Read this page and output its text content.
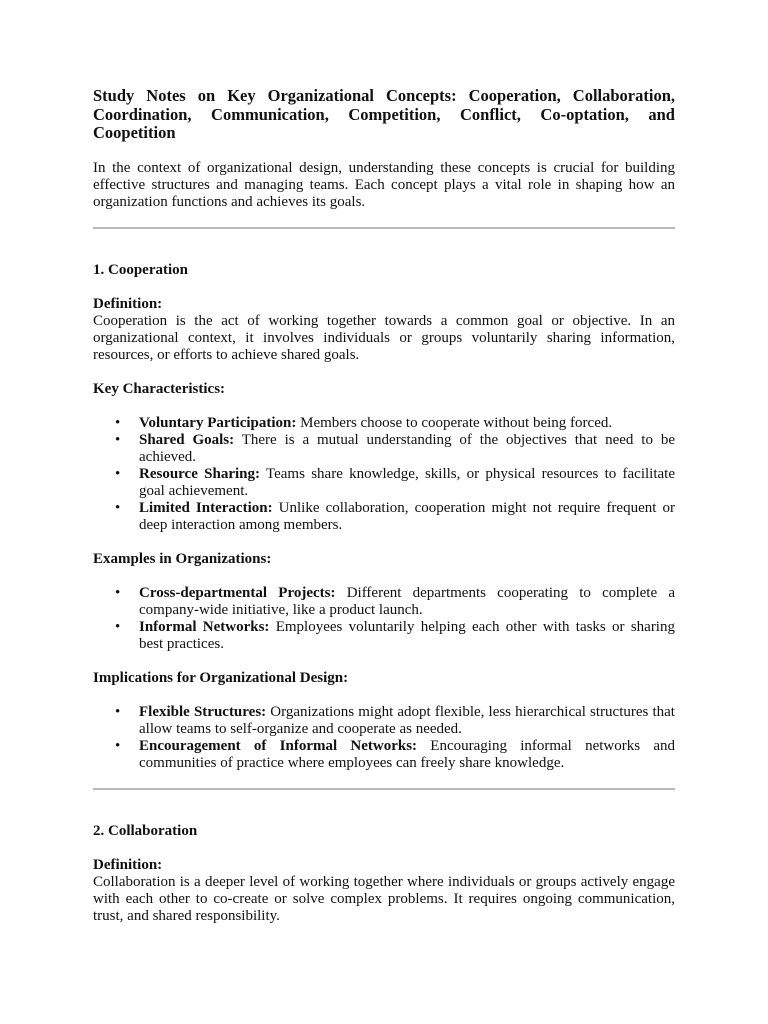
Study Notes on Key Organizational Concepts: Cooperation, Collaboration, Coordination, Communication, Competition, Conflict, Co-optation, and Coopetition

In the context of organizational design, understanding these concepts is crucial for building effective structures and managing teams. Each concept plays a vital role in shaping how an organization functions and achieves its goals.

1. Cooperation
Definition:

Cooperation is the act of working together towards a common goal or objective. In an organizational context, it involves individuals or groups voluntarily sharing information, resources, or efforts to achieve shared goals.

Key Characteristics:
• Voluntary Participation: Members choose to cooperate without being forced.
• Shared Goals: There is a mutual understanding of the objectives that need to be achieved.
• Resource Sharing: Teams share knowledge, skills, or physical resources to facilitate goal achievement.
• Limited Interaction: Unlike collaboration, cooperation might not require frequent or deep interaction among members.
Examples in Organizations:
• Cross-departmental Projects: Different departments cooperating to complete a company-wide initiative, like a product launch.
• Informal Networks: Employees voluntarily helping each other with tasks or sharing best practices.
Implications for Organizational Design:
• Flexible Structures: Organizations might adopt flexible, less hierarchical structures that allow teams to self-organize and cooperate as needed.
• Encouragement of Informal Networks: Encouraging informal networks and communities of practice where employees can freely share knowledge.
2. Collaboration
Definition:

Collaboration is a deeper level of working together where individuals or groups actively engage with each other to co-create or solve complex problems. It requires ongoing communication, trust, and shared responsibility.
